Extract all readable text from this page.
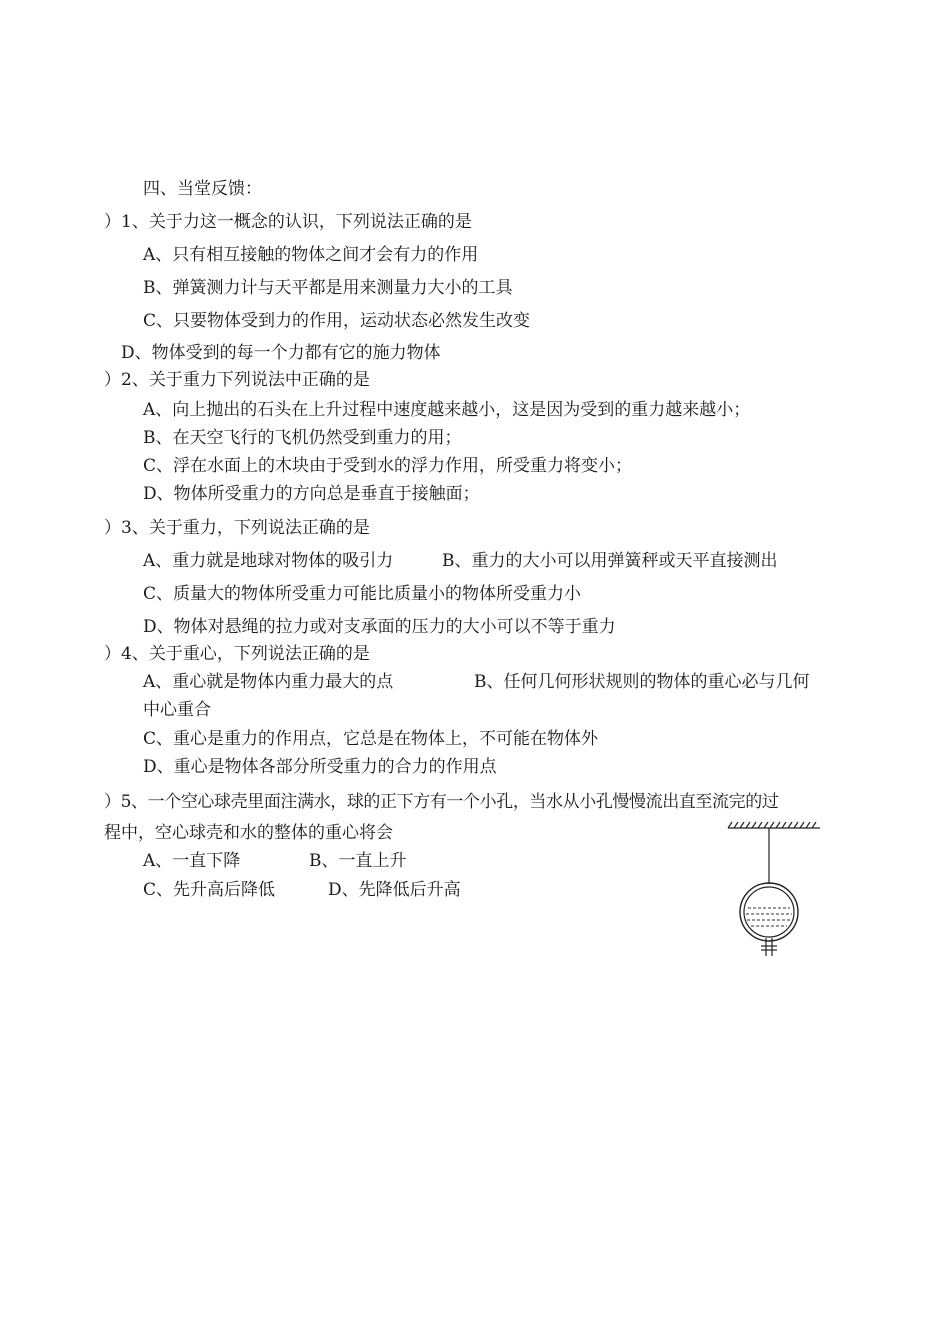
四、当堂反馈：
）1、关于力这一概念的认识，下列说法正确的是
A、只有相互接触的物体之间才会有力的作用
B、弹簧测力计与天平都是用来测量力大小的工具
C、只要物体受到力的作用，运动状态必然发生改变
D、物体受到的每一个力都有它的施力物体
）2、关于重力下列说法中正确的是
A、向上抛出的石头在上升过程中速度越来越小，这是因为受到的重力越来越小；
B、在天空飞行的飞机仍然受到重力的用；
C、浮在水面上的木块由于受到水的浮力作用，所受重力将变小；
D、物体所受重力的方向总是垂直于接触面；
）3、关于重力，下列说法正确的是
A、重力就是地球对物体的吸引力	B、重力的大小可以用弹簧秤或天平直接测出
C、质量大的物体所受重力可能比质量小的物体所受重力小
D、物体对悬绳的拉力或对支承面的压力的大小可以不等于重力
）4、关于重心，下列说法正确的是
A、重心就是物体内重力最大的点	B、任何几何形状规则的物体的重心必与几何
中心重合
C、重心是重力的作用点，它总是在物体上，不可能在物体外
D、重心是物体各部分所受重力的合力的作用点
）5、一个空心球壳里面注满水，球的正下方有一个小孔，当水从小孔慢慢流出直至流完的过
程中，空心球壳和水的整体的重心将会
A、一直下降	B、一直上升
C、先升高后降低	D、先降低后升高
